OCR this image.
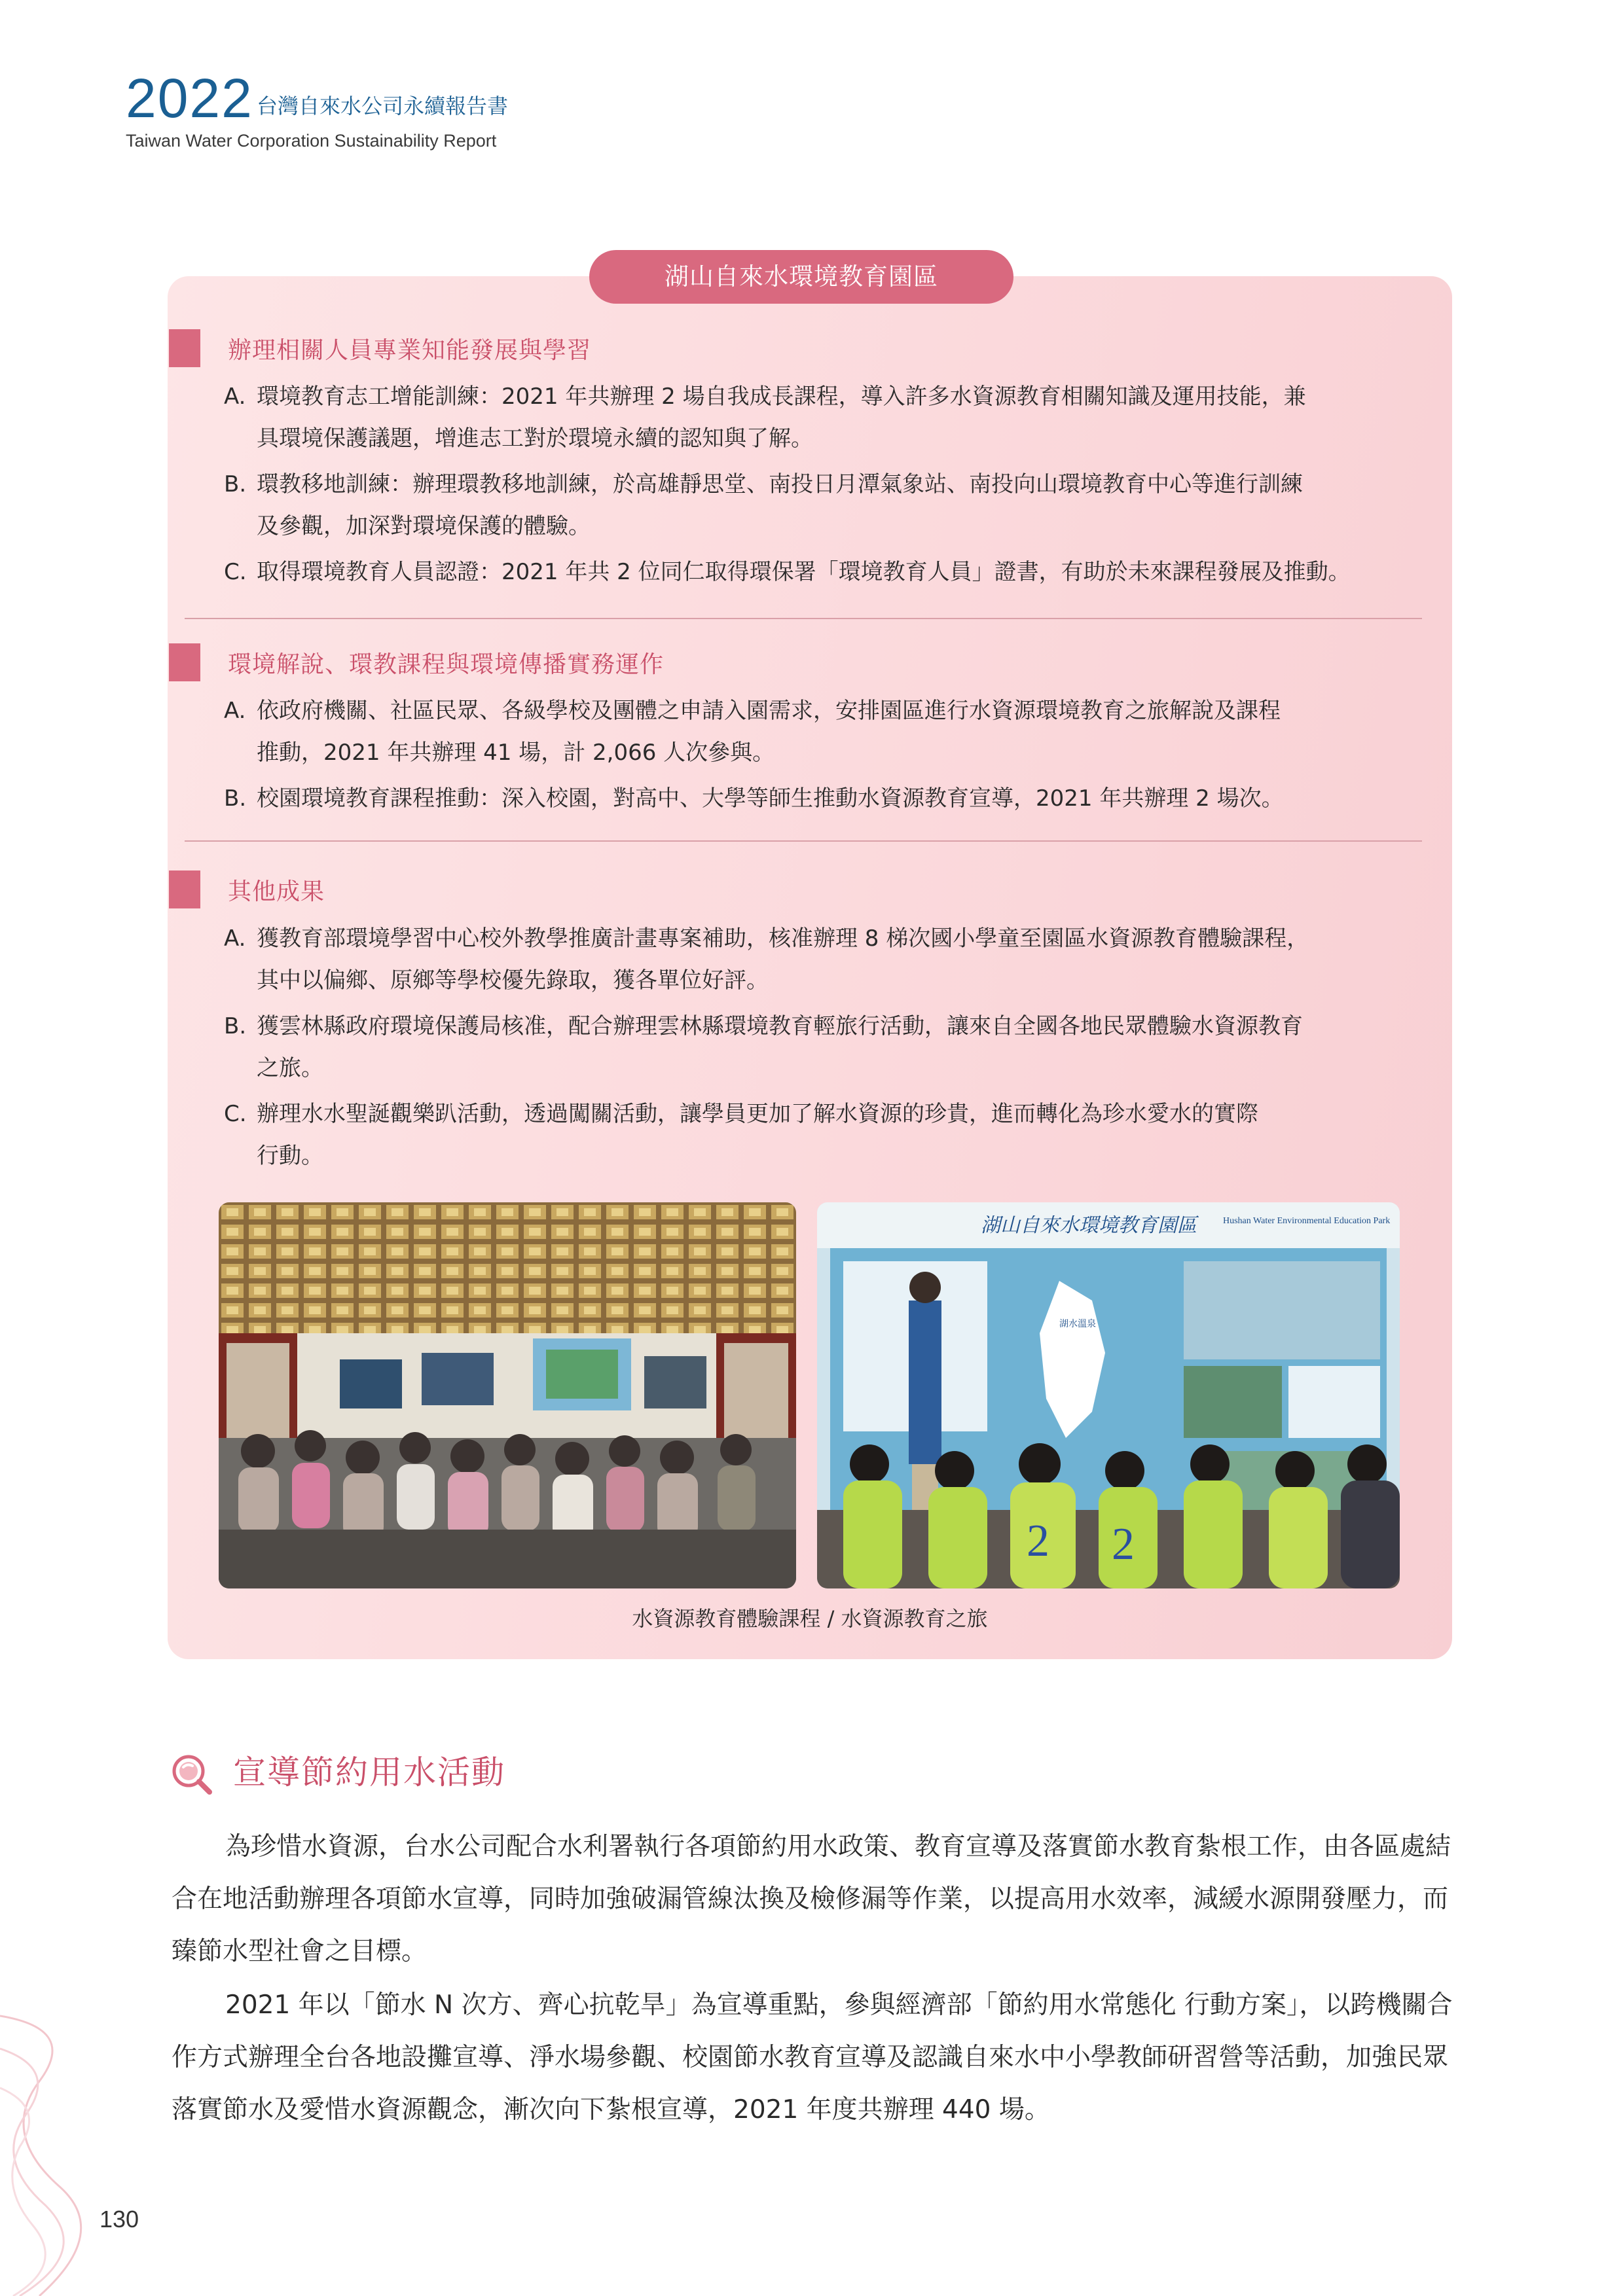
2022 台灣自來水公司永續報告書
Taiwan Water Corporation Sustainability Report
湖山自來水環境教育園區
辦理相關人員專業知能發展與學習
A. 環境教育志工增能訓練：2021 年共辦理 2 場自我成長課程，導入許多水資源教育相關知識及運用技能，兼
具環境保護議題，增進志工對於環境永續的認知與了解。
B. 環教移地訓練：辦理環教移地訓練，於高雄靜思堂、南投日月潭氣象站、南投向山環境教育中心等進行訓練
及參觀，加深對環境保護的體驗。
C. 取得環境教育人員認證：2021 年共 2 位同仁取得環保署「環境教育人員」證書，有助於未來課程發展及推動。
環境解說、環教課程與環境傳播實務運作
A. 依政府機關、社區民眾、各級學校及團體之申請入園需求，安排園區進行水資源環境教育之旅解說及課程
推動，2021 年共辦理 41 場，計 2,066 人次參與。
B. 校園環境教育課程推動：深入校園，對高中、大學等師生推動水資源教育宣導，2021 年共辦理 2 場次。
其他成果
A. 獲教育部環境學習中心校外教學推廣計畫專案補助，核准辦理 8 梯次國小學童至園區水資源教育體驗課程，
其中以偏鄉、原鄉等學校優先錄取，獲各單位好評。
B. 獲雲林縣政府環境保護局核准，配合辦理雲林縣環境教育輕旅行活動，讓來自全國各地民眾體驗水資源教育
之旅。
C. 辦理水水聖誕觀樂趴活動，透過闖關活動，讓學員更加了解水資源的珍貴，進而轉化為珍水愛水的實際
行動。
湖山自來水環境教育園區	Hushan Water Environmental Education Park
湖水溫泉
2 2
水資源教育體驗課程 / 水資源教育之旅
宣導節約用水活動
為珍惜水資源，台水公司配合水利署執行各項節約用水政策、教育宣導及落實節水教育紮根工作，由各區處結合在地活動辦理各項節水宣導，同時加強破漏管線汰換及檢修漏等作業，以提高用水效率，減緩水源開發壓力，而臻節水型社會之目標。
2021 年以「節水 N 次方、齊心抗乾旱」為宣導重點，參與經濟部「節約用水常態化 行動方案」，以跨機關合作方式辦理全台各地設攤宣導、淨水場參觀、校園節水教育宣導及認識自來水中小學教師研習營等活動，加強民眾落實節水及愛惜水資源觀念，漸次向下紮根宣導，2021 年度共辦理 440 場。
130
